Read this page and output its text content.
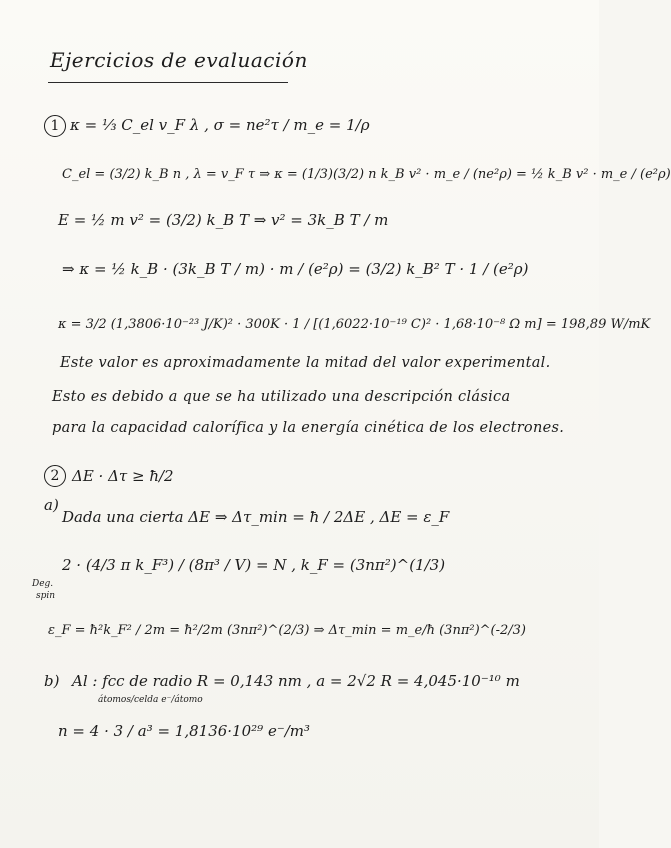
Ejercicios de evaluación
1 κ = ⅓ C_el v_F λ , σ = ne²τ / m_e = 1/ρ
C_el = (3/2) k_B n , λ = v_F τ ⇒ κ = (1/3)(3/2) n k_B v² · m_e / (ne²ρ) = ½ k_B v² · m_e / (e²ρ)
E = ½ m v² = (3/2) k_B T ⇒ v² = 3k_B T / m
⇒ κ = ½ k_B · (3k_B T / m) · m / (e²ρ) = (3/2) k_B² T · 1 / (e²ρ)
κ = 3/2 (1,3806·10⁻²³ J/K)² · 300K · 1 / [(1,6022·10⁻¹⁹ C)² · 1,68·10⁻⁸ Ω m] = 198,89 W/mK
Este valor es aproximadamente la mitad del valor experimental.
Esto es debido a que se ha utilizado una descripción clásica
para la capacidad calorífica y la energía cinética de los electrones.
2 ΔE · Δτ ≥ ħ/2
a)
Dada una cierta ΔE ⇒ Δτ_min = ħ / 2ΔE , ΔE = ε_F
2 · (4/3 π k_F³) / (8π³ / V) = N , k_F = (3nπ²)^(1/3)
Deg.
spin
ε_F = ħ²k_F² / 2m = ħ²/2m (3nπ²)^(2/3) ⇒ Δτ_min = m_e/ħ (3nπ²)^(-2/3)
b) Al : fcc de radio R = 0,143 nm , a = 2√2 R = 4,045·10⁻¹⁰ m
átomos/celda e⁻/átomo
n = 4 · 3 / a³ = 1,8136·10²⁹ e⁻/m³
